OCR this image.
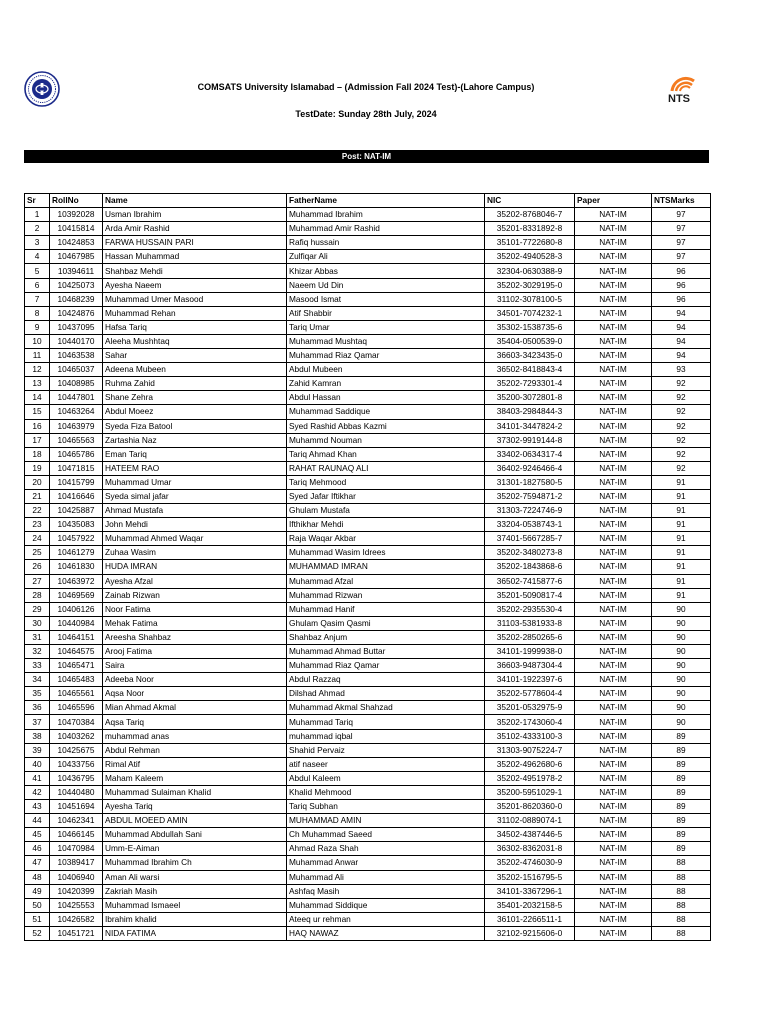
NTS
COMSATS University Islamabad – (Admission Fall 2024 Test)-(Lahore Campus)
TestDate: Sunday 28th July, 2024
Post: NAT-IM
Sr	RollNo	Name	FatherName	NIC	Paper	NTSMarks
1	10392028	Usman Ibrahim	Muhammad Ibrahim	35202-8768046-7	NAT-IM	97
2	10415814	Arda Amir Rashid	Muhammad Amir Rashid	35201-8331892-8	NAT-IM	97
3	10424853	FARWA HUSSAIN PARI	Rafiq hussain	35101-7722680-8	NAT-IM	97
4	10467985	Hassan Muhammad	Zulfiqar Ali	35202-4940528-3	NAT-IM	97
5	10394611	Shahbaz Mehdi	Khizar Abbas	32304-0630388-9	NAT-IM	96
6	10425073	Ayesha Naeem	Naeem Ud Din	35202-3029195-0	NAT-IM	96
7	10468239	Muhammad Umer Masood	Masood Ismat	31102-3078100-5	NAT-IM	96
8	10424876	Muhammad Rehan	Atif Shabbir	34501-7074232-1	NAT-IM	94
9	10437095	Hafsa Tariq	Tariq Umar	35302-1538735-6	NAT-IM	94
10	10440170	Aleeha Mushhtaq	Muhammad Mushtaq	35404-0500539-0	NAT-IM	94
11	10463538	Sahar	Muhammad Riaz Qamar	36603-3423435-0	NAT-IM	94
12	10465037	Adeena Mubeen	Abdul Mubeen	36502-8418843-4	NAT-IM	93
13	10408985	Ruhma Zahid	Zahid Kamran	35202-7293301-4	NAT-IM	92
14	10447801	Shane Zehra	Abdul Hassan	35200-3072801-8	NAT-IM	92
15	10463264	Abdul Moeez	Muhammad Saddique	38403-2984844-3	NAT-IM	92
16	10463979	Syeda Fiza Batool	Syed Rashid Abbas Kazmi	34101-3447824-2	NAT-IM	92
17	10465563	Zartashia Naz	Muhammd Nouman	37302-9919144-8	NAT-IM	92
18	10465786	Eman Tariq	Tariq Ahmad Khan	33402-0634317-4	NAT-IM	92
19	10471815	HATEEM RAO	RAHAT RAUNAQ ALI	36402-9246466-4	NAT-IM	92
20	10415799	Muhammad Umar	Tariq Mehmood	31301-1827580-5	NAT-IM	91
21	10416646	Syeda simal jafar	Syed Jafar Iftikhar	35202-7594871-2	NAT-IM	91
22	10425887	Ahmad Mustafa	Ghulam Mustafa	31303-7224746-9	NAT-IM	91
23	10435083	John Mehdi	Ifthikhar Mehdi	33204-0538743-1	NAT-IM	91
24	10457922	Muhammad Ahmed Waqar	Raja Waqar Akbar	37401-5667285-7	NAT-IM	91
25	10461279	Zuhaa Wasim	Muhammad Wasim Idrees	35202-3480273-8	NAT-IM	91
26	10461830	HUDA IMRAN	MUHAMMAD IMRAN	35202-1843868-6	NAT-IM	91
27	10463972	Ayesha Afzal	Muhammad Afzal	36502-7415877-6	NAT-IM	91
28	10469569	Zainab Rizwan	Muhammad Rizwan	35201-5090817-4	NAT-IM	91
29	10406126	Noor Fatima	Muhammad Hanif	35202-2935530-4	NAT-IM	90
30	10440984	Mehak Fatima	Ghulam Qasim Qasmi	31103-5381933-8	NAT-IM	90
31	10464151	Areesha Shahbaz	Shahbaz Anjum	35202-2850265-6	NAT-IM	90
32	10464575	Arooj Fatima	Muhammad Ahmad Buttar	34101-1999938-0	NAT-IM	90
33	10465471	Saira	Muhammad Riaz Qamar	36603-9487304-4	NAT-IM	90
34	10465483	Adeeba Noor	Abdul Razzaq	34101-1922397-6	NAT-IM	90
35	10465561	Aqsa Noor	Dilshad Ahmad	35202-5778604-4	NAT-IM	90
36	10465596	Mian Ahmad Akmal	Muhammad Akmal Shahzad	35201-0532975-9	NAT-IM	90
37	10470384	Aqsa Tariq	Muhammad Tariq	35202-1743060-4	NAT-IM	90
38	10403262	muhammad anas	muhammad iqbal	35102-4333100-3	NAT-IM	89
39	10425675	Abdul Rehman	Shahid Pervaiz	31303-9075224-7	NAT-IM	89
40	10433756	Rimal Atif	atif naseer	35202-4962680-6	NAT-IM	89
41	10436795	Maham Kaleem	Abdul Kaleem	35202-4951978-2	NAT-IM	89
42	10440480	Muhammad Sulaiman Khalid	Khalid Mehmood	35200-5951029-1	NAT-IM	89
43	10451694	Ayesha Tariq	Tariq Subhan	35201-8620360-0	NAT-IM	89
44	10462341	ABDUL MOEED AMIN	MUHAMMAD AMIN	31102-0889074-1	NAT-IM	89
45	10466145	Muhammad Abdullah Sani	Ch Muhammad Saeed	34502-4387446-5	NAT-IM	89
46	10470984	Umm-E-Aiman	Ahmad Raza Shah	36302-8362031-8	NAT-IM	89
47	10389417	Muhammad Ibrahim Ch	Muhammad Anwar	35202-4746030-9	NAT-IM	88
48	10406940	Aman Ali warsi	Muhammad Ali	35202-1516795-5	NAT-IM	88
49	10420399	Zakriah Masih	Ashfaq Masih	34101-3367296-1	NAT-IM	88
50	10425553	Muhammad Ismaeel	Muhammad Siddique	35401-2032158-5	NAT-IM	88
51	10426582	Ibrahim khalid	Ateeq ur rehman	36101-2266511-1	NAT-IM	88
52	10451721	NIDA FATIMA	HAQ NAWAZ	32102-9215606-0	NAT-IM	88
